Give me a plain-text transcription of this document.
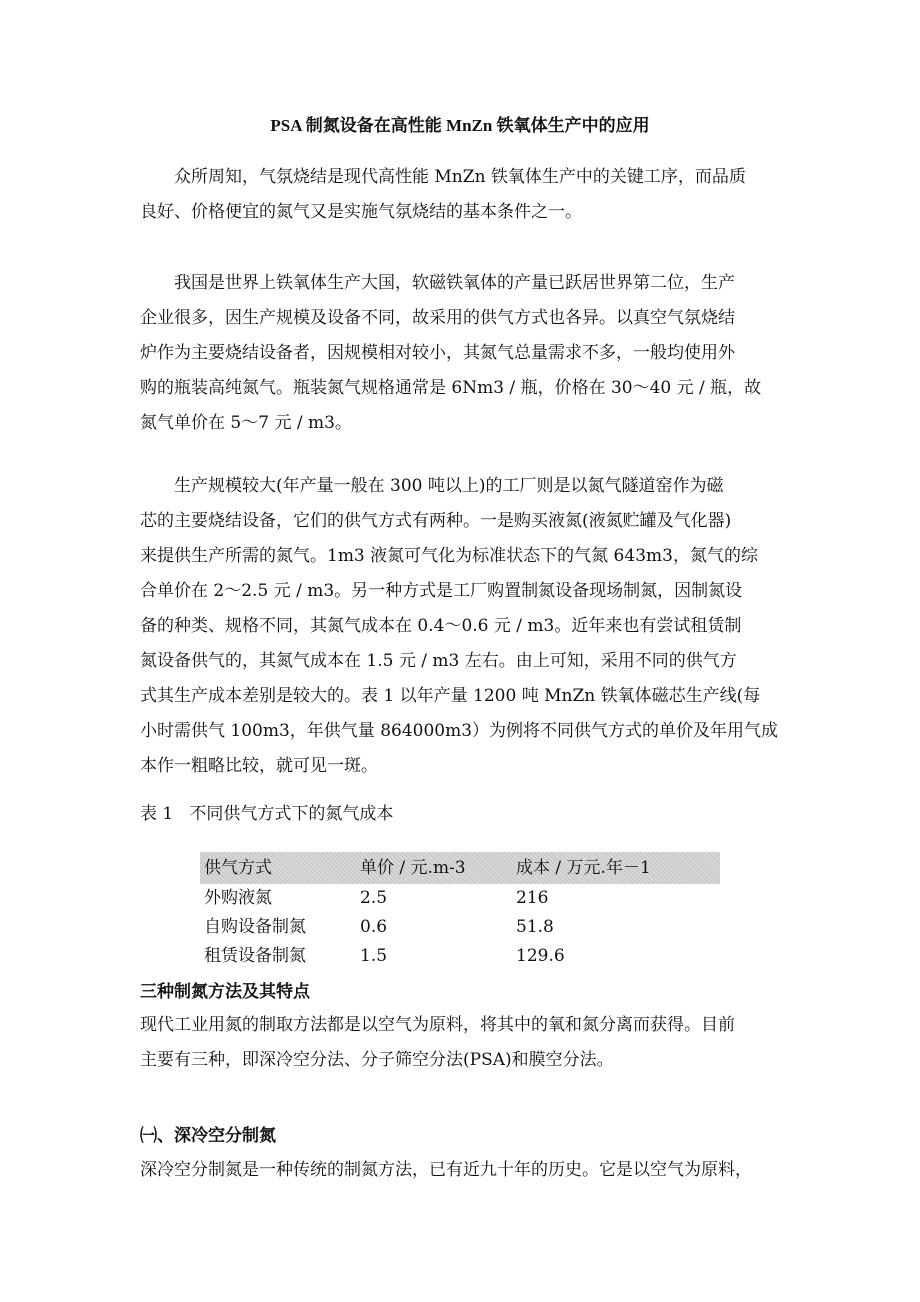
PSA 制氮设备在高性能 MnZn 铁氧体生产中的应用
众所周知，气氛烧结是现代高性能 MnZn 铁氧体生产中的关键工序，而品质
良好、价格便宜的氮气又是实施气氛烧结的基本条件之一。
我国是世界上铁氧体生产大国，软磁铁氧体的产量已跃居世界第二位，生产
企业很多，因生产规模及设备不同，故采用的供气方式也各异。以真空气氛烧结
炉作为主要烧结设备者，因规模相对较小，其氮气总量需求不多，一般均使用外
购的瓶装高纯氮气。瓶装氮气规格通常是 6Nm3 / 瓶，价格在 30～40 元 / 瓶，故
氮气单价在 5～7 元 / m3。
生产规模较大(年产量一般在 300 吨以上)的工厂则是以氮气隧道窑作为磁
芯的主要烧结设备，它们的供气方式有两种。一是购买液氮(液氮贮罐及气化器)
来提供生产所需的氮气。1m3 液氮可气化为标准状态下的气氮 643m3，氮气的综
合单价在 2～2.5 元 / m3。另一种方式是工厂购置制氮设备现场制氮，因制氮设
备的种类、规格不同，其氮气成本在 0.4～0.6 元 / m3。近年来也有尝试租赁制
氮设备供气的，其氮气成本在 1.5 元 / m3 左右。由上可知，采用不同的供气方
式其生产成本差别是较大的。表 1 以年产量 1200 吨 MnZn 铁氧体磁芯生产线(每
小时需供气 100m3，年供气量 864000m3）为例将不同供气方式的单价及年用气成
本作一粗略比较，就可见一斑。
表 1   不同供气方式下的氮气成本
供气方式	单价 / 元.m-3	成本 / 万元.年－1
外购液氮	2.5	216
自购设备制氮	0.6	51.8
租赁设备制氮	1.5	129.6
三种制氮方法及其特点
现代工业用氮的制取方法都是以空气为原料，将其中的氧和氮分离而获得。目前
主要有三种，即深冷空分法、分子筛空分法(PSA)和膜空分法。
㈠、深冷空分制氮
深冷空分制氮是一种传统的制氮方法，已有近九十年的历史。它是以空气为原料，
